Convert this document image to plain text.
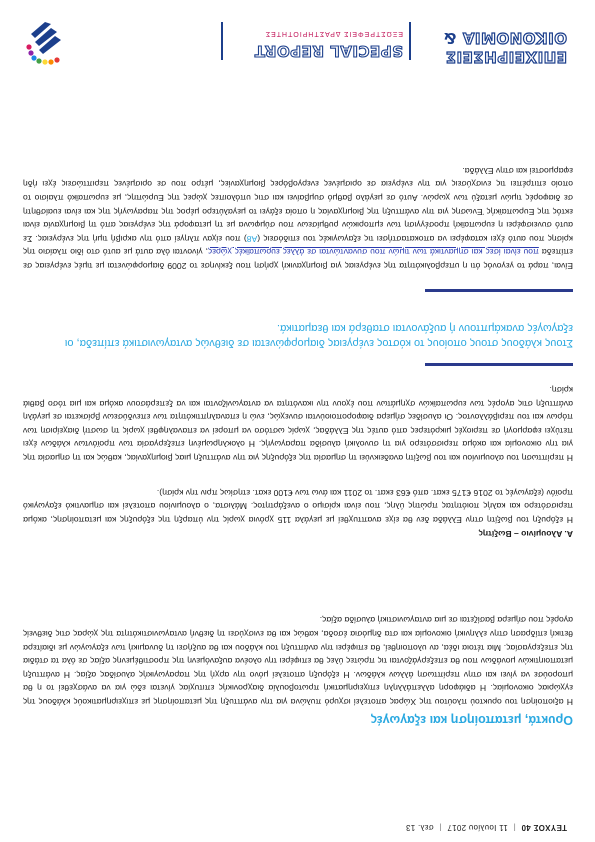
ΤΕΥΧΟΣ 40 | 11 Ιουλίου 2017 | σελ. 13
Ορυκτά, μεταποίηση και εξαγωγές
Η αξιοποίηση του ορυκτού πλούτου της Χώρας αποτελεί ισχυρό πυλώνα για την ανάπτυξη της μεταποίησης με επιχειρηματικούς κλάδους της εγχώριας οικονομίας. Η αδιάφορη αλλεπάλληλη επιχειρηματική πρωτοβουλία διαχρονικής επιτυχίας γίνεται εδώ για να ανάσχεθεί το η θα μπορούσε να γίνει και στην περίπτωση άλλων κλάδων. Η εξόρυξη αποτελεί μόνο την αρχή της παραγωγικής αλυσίδας αξίας. Η ανάπτυξη μεταποιητικών μονάδων που θα επεξεργάζονται τις πρώτες ύλες θα επιφέρει την ολοένα αυξανόμενη της προστιθέμενης αξίας σε όλα τα στάδια της επεξεργασίας. Μια τέτοια ιδέα, αν υλοποιηθεί, θα επιφέρει την ανάπτυξη του κλάδου και θα αυξήσει τη δυναμική των εξαγωγών με ιδιαίτερα θετική επίδραση στην ελληνική οικονομία και στα δημόσια έσοδα, καθώς και θα ενισχύσει τη διεθνή ανταγωνιστικότητα της χώρας στις διεθνείς αγορές που σήμερα βασίζεται σε μια ανταγωνιστική αλυσίδα αξίας.
Α. Αλουμίνιο – Βωξίτης
Η εξόρυξη του βωξίτη στην Ελλάδα δεν θα είχε αναπτυχθεί με μεγάλα 115 χρόνια χωρίς την ύπαρξη της εξόρυξης και μεταποίησης, ακόμα περισσότερο και καλής ποιότητας πρώτης ύλης, που είναι κρίσιμο ο ανεξάρτητος. Μάλιστα, ο αλουμινίου αποτελεί και σημαντικό εξαγωγικό προϊόν (εξαγωγές το 2016 €175 εκατ. από €63 εκατ. το 2011 και άνω των €100 εκατ. ετησίως πριν την κρίση).
Η περίπτωση του αλουμινίου και του βωξίτη αναδεικνύει τη σημασία της εξόρυξης για την ανάπτυξη μιας βιομηχανίας, καθώς και τη σημασία της για την οικονομία και ακόμα περισσότερο για τη συνολική αλυσίδα παραγωγής. Η ολοκληρωμένη επεξεργασία των προϊόντων κλάδων έχει πετύχει εφαρμογή σε περιοχές μικρότερες από αυτές της Ελλάδας, χωρίς ωστόσο να μπορεί να επαναληφθεί χωρίς τη σωστή διαχείριση των πόρων και του περιβάλλοντος. Οι αλυσίδες σήμερα διαφοροποιούνται συνεχώς, ενώ η επαναληπτικότητα των επενδύσεων βρίσκεται σε μεγάλη ανάπτυξη στις αγορές των ευρωπαϊκών σχημάτων που έχουν την ικανότητα να ανταγωνίζονται και να ξεπεράσουν ακόμα και μια τόσο βαθιά κρίση.
Στους κλάδους στους οποίους το κόστος ενέργειας διαμορφώνεται σε διεθνώς ανταγωνιστικά επίπεδα, οι εξαγωγές ανακάμπτουν ή αυξάνονται σταθερά και θεαματικά.
Είναι, παρά το γεγονός ότι η υπερβολικότητα της ενέργειας για βιομηχανική χρήση που ξεκίνησε το 2009 διαμορφώνεται με τιμές ενέργειας σε επίπεδα που είναι ίσες και σημαντικά των τιμών που συναντώνται σε άλλες ευρωπαϊκές χώρες, γίνονται όλα αυτά με αυτό στο ίδιο πλαίσιο της κρίσης που αυτό έχει καταφέρει να αποκαταστήσει τις εξαγωγικές του επιδόσεις (Α8) που είχαν πληγεί από την ακριβή τιμή της ενέργειας. Σε αυτό συνεισφέρει η ευρωπαϊκή προσέγγιση των εμπορικών ρυθμίσεων που σύμφωνα με τη μεταφορά της ενέργειας από τη βιομηχανία είναι εκτός της Ευρωπαϊκής Ένωσης για την ανάπτυξη της βιομηχανίας η οποία εξάγει το μεγαλύτερο μέρος της παραγωγής της και είναι ευαίσθητη σε διαφορές τιμών μεταξύ των χωρών. Αυτό σε μεγάλο βαθμό συμβαίνει και στις υπόλοιπες χώρες της Ευρώπης, με ευρωπαϊκό πλαίσιο το οποίο επιτρέπει τις ενισχύσεις για την ενέργεια σε ορισμένες ενεργοβόρες βιομηχανίες, μέτρο που σε ορισμένες περιπτώσεις έχει ήδη εφαρμοστεί και στην Ελλάδα.
ΕΠΙΧΕΙΡΗΣΕΙΣ
ΟΙΚΟΝΟΜΙΑ &
SPECIAL REPORT
ΕΞΩΣΤΡΕΦΕΙΣ ΔΡΑΣΤΗΡΙΟΤΗΤΕΣ
